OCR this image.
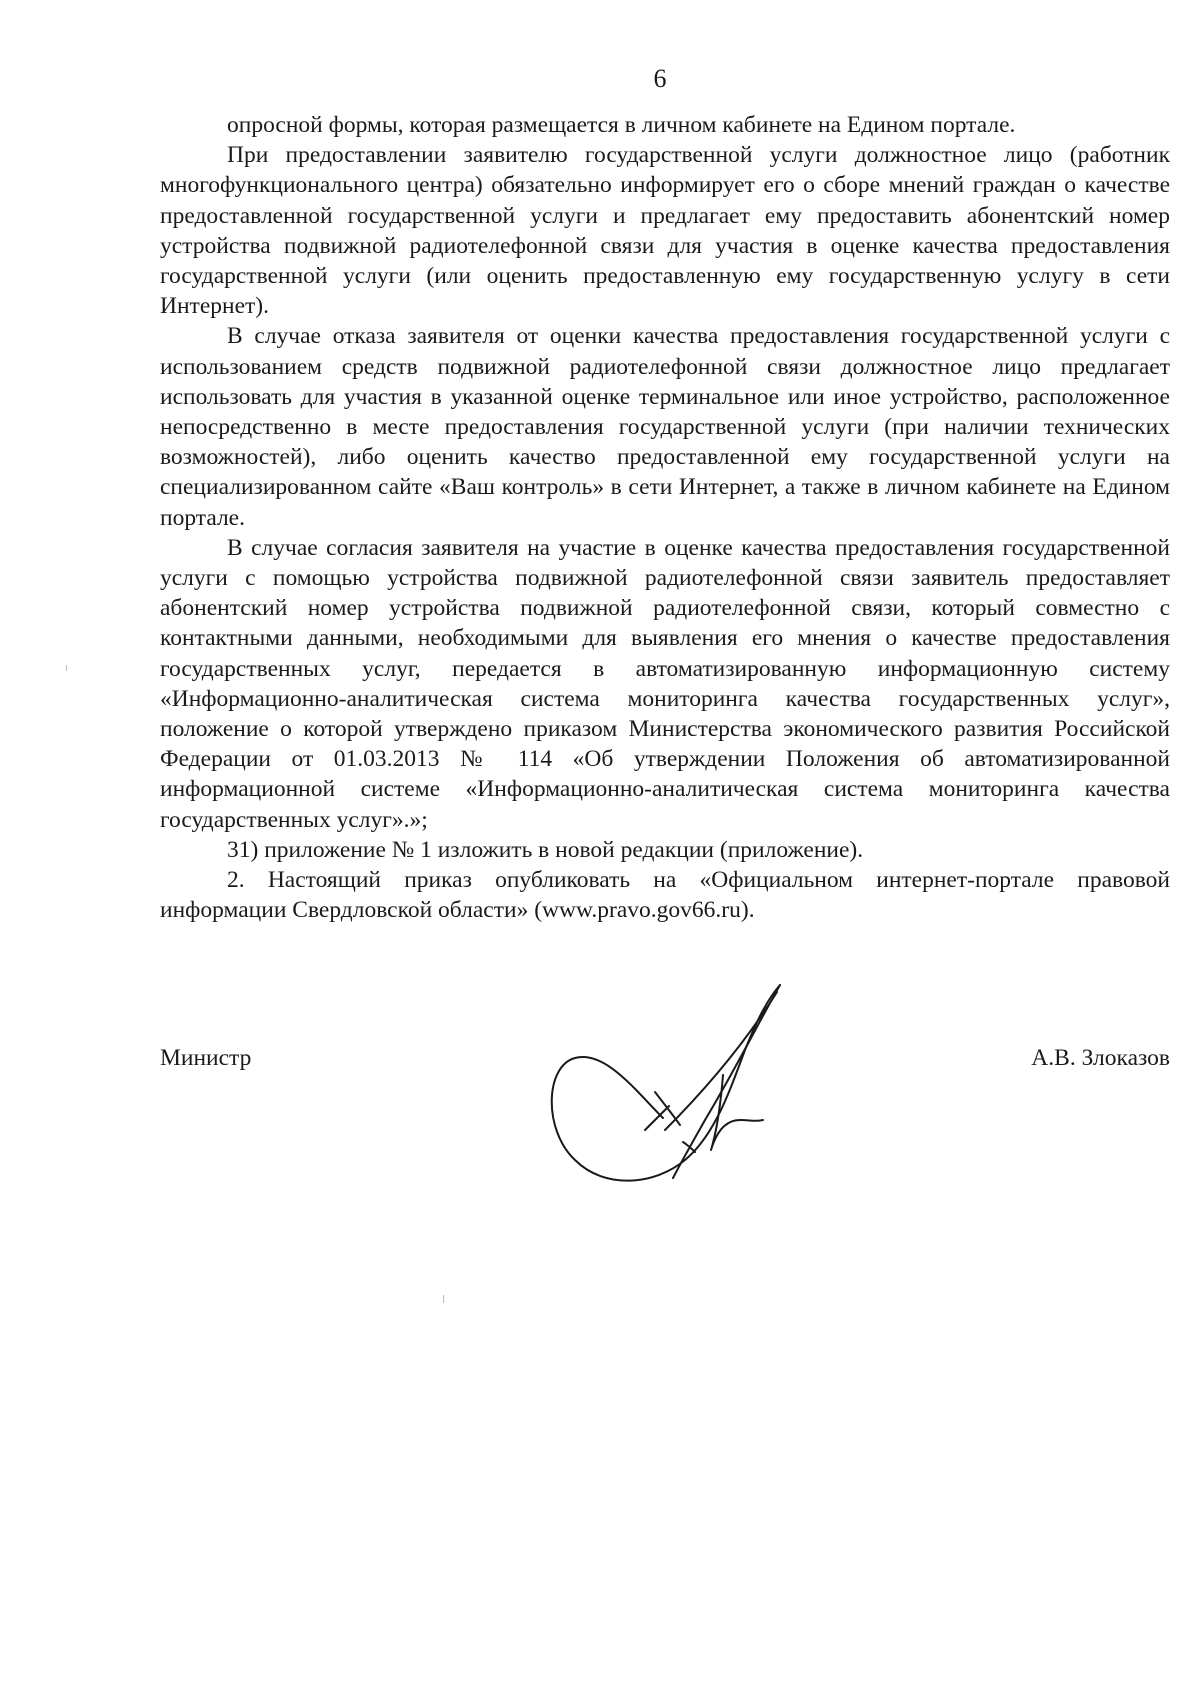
6

опросной формы, которая размещается в личном кабинете на Едином портале.

При предоставлении заявителю государственной услуги должностное лицо (работник многофункционального центра) обязательно информирует его о сборе мнений граждан о качестве предоставленной государственной услуги и предлагает ему предоставить абонентский номер устройства подвижной радиотелефонной связи для участия в оценке качества предоставления государственной услуги (или оценить предоставленную ему государственную услугу в сети Интернет).

В случае отказа заявителя от оценки качества предоставления государственной услуги с использованием средств подвижной радиотелефонной связи должностное лицо предлагает использовать для участия в указанной оценке терминальное или иное устройство, расположенное непосредственно в месте предоставления государственной услуги (при наличии технических возможностей), либо оценить качество предоставленной ему государственной услуги на специализированном сайте «Ваш контроль» в сети Интернет, а также в личном кабинете на Едином портале.

В случае согласия заявителя на участие в оценке качества предоставления государственной услуги с помощью устройства подвижной радиотелефонной связи заявитель предоставляет абонентский номер устройства подвижной радиотелефонной связи, который совместно с контактными данными, необходимыми для выявления его мнения о качестве предоставления государственных услуг, передается в автоматизированную информационную систему «Информационно-аналитическая система мониторинга качества государственных услуг», положение о которой утверждено приказом Министерства экономического развития Российской Федерации от 01.03.2013 № 114 «Об утверждении Положения об автоматизированной информационной системе «Информационно-аналитическая система мониторинга качества государственных услуг».»;

31) приложение № 1 изложить в новой редакции (приложение).

2. Настоящий приказ опубликовать на «Официальном интернет-портале правовой информации Свердловской области» (www.pravo.gov66.ru).

Министр	А.В. Злоказов
